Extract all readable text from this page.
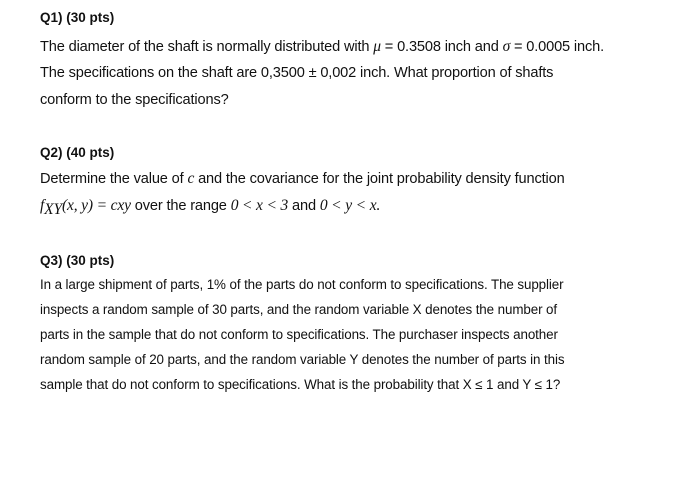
Q1) (30 pts)
The diameter of the shaft is normally distributed with μ = 0.3508 inch and σ = 0.0005 inch.
The specifications on the shaft are 0,3500 ± 0,002 inch. What proportion of shafts
conform to the specifications?
Q2) (40 pts)
Determine the value of c and the covariance for the joint probability density function
$f_{XY}(x$, y) = cxy over the range 0 < x < 3 and 0 < y < x.
Q3) (30 pts)
In a large shipment of parts, 1% of the parts do not conform to specifications. The supplier
inspects a random sample of 30 parts, and the random variable X denotes the number of
parts in the sample that do not conform to specifications. The purchaser inspects another
random sample of 20 parts, and the random variable Y denotes the number of parts in this
sample that do not conform to specifications. What is the probability that X ≤ 1 and Y ≤ 1?
